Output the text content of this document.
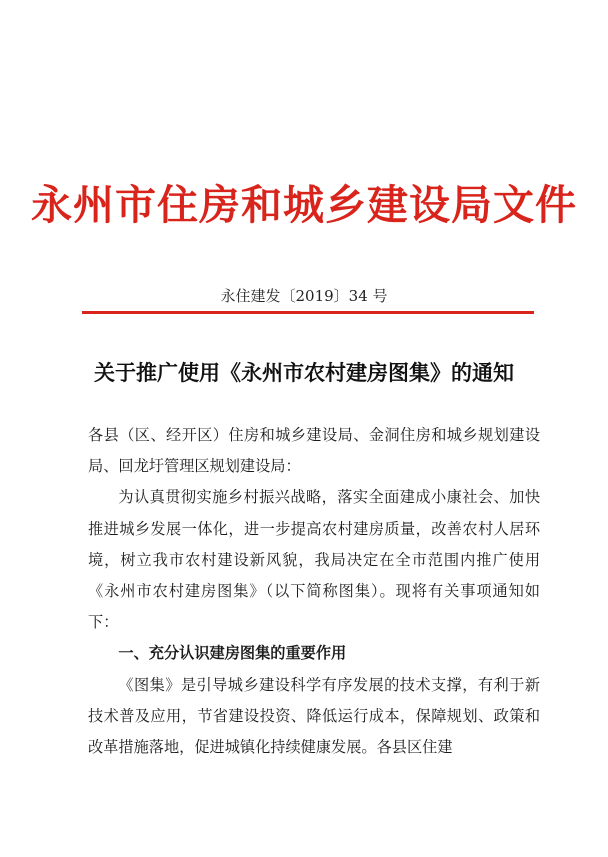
永州市住房和城乡建设局文件
永住建发〔2019〕34 号
关于推广使用《永州市农村建房图集》的通知

各县（区、经开区）住房和城乡建设局、金洞住房和城乡规划建设局、回龙圩管理区规划建设局：

为认真贯彻实施乡村振兴战略，落实全面建成小康社会、加快推进城乡发展一体化，进一步提高农村建房质量，改善农村人居环境，树立我市农村建设新风貌，我局决定在全市范围内推广使用《永州市农村建房图集》（以下简称图集）。现将有关事项通知如下：

一、充分认识建房图集的重要作用

《图集》是引导城乡建设科学有序发展的技术支撑，有利于新技术普及应用，节省建设投资、降低运行成本，保障规划、政策和改革措施落地，促进城镇化持续健康发展。各县区住建
